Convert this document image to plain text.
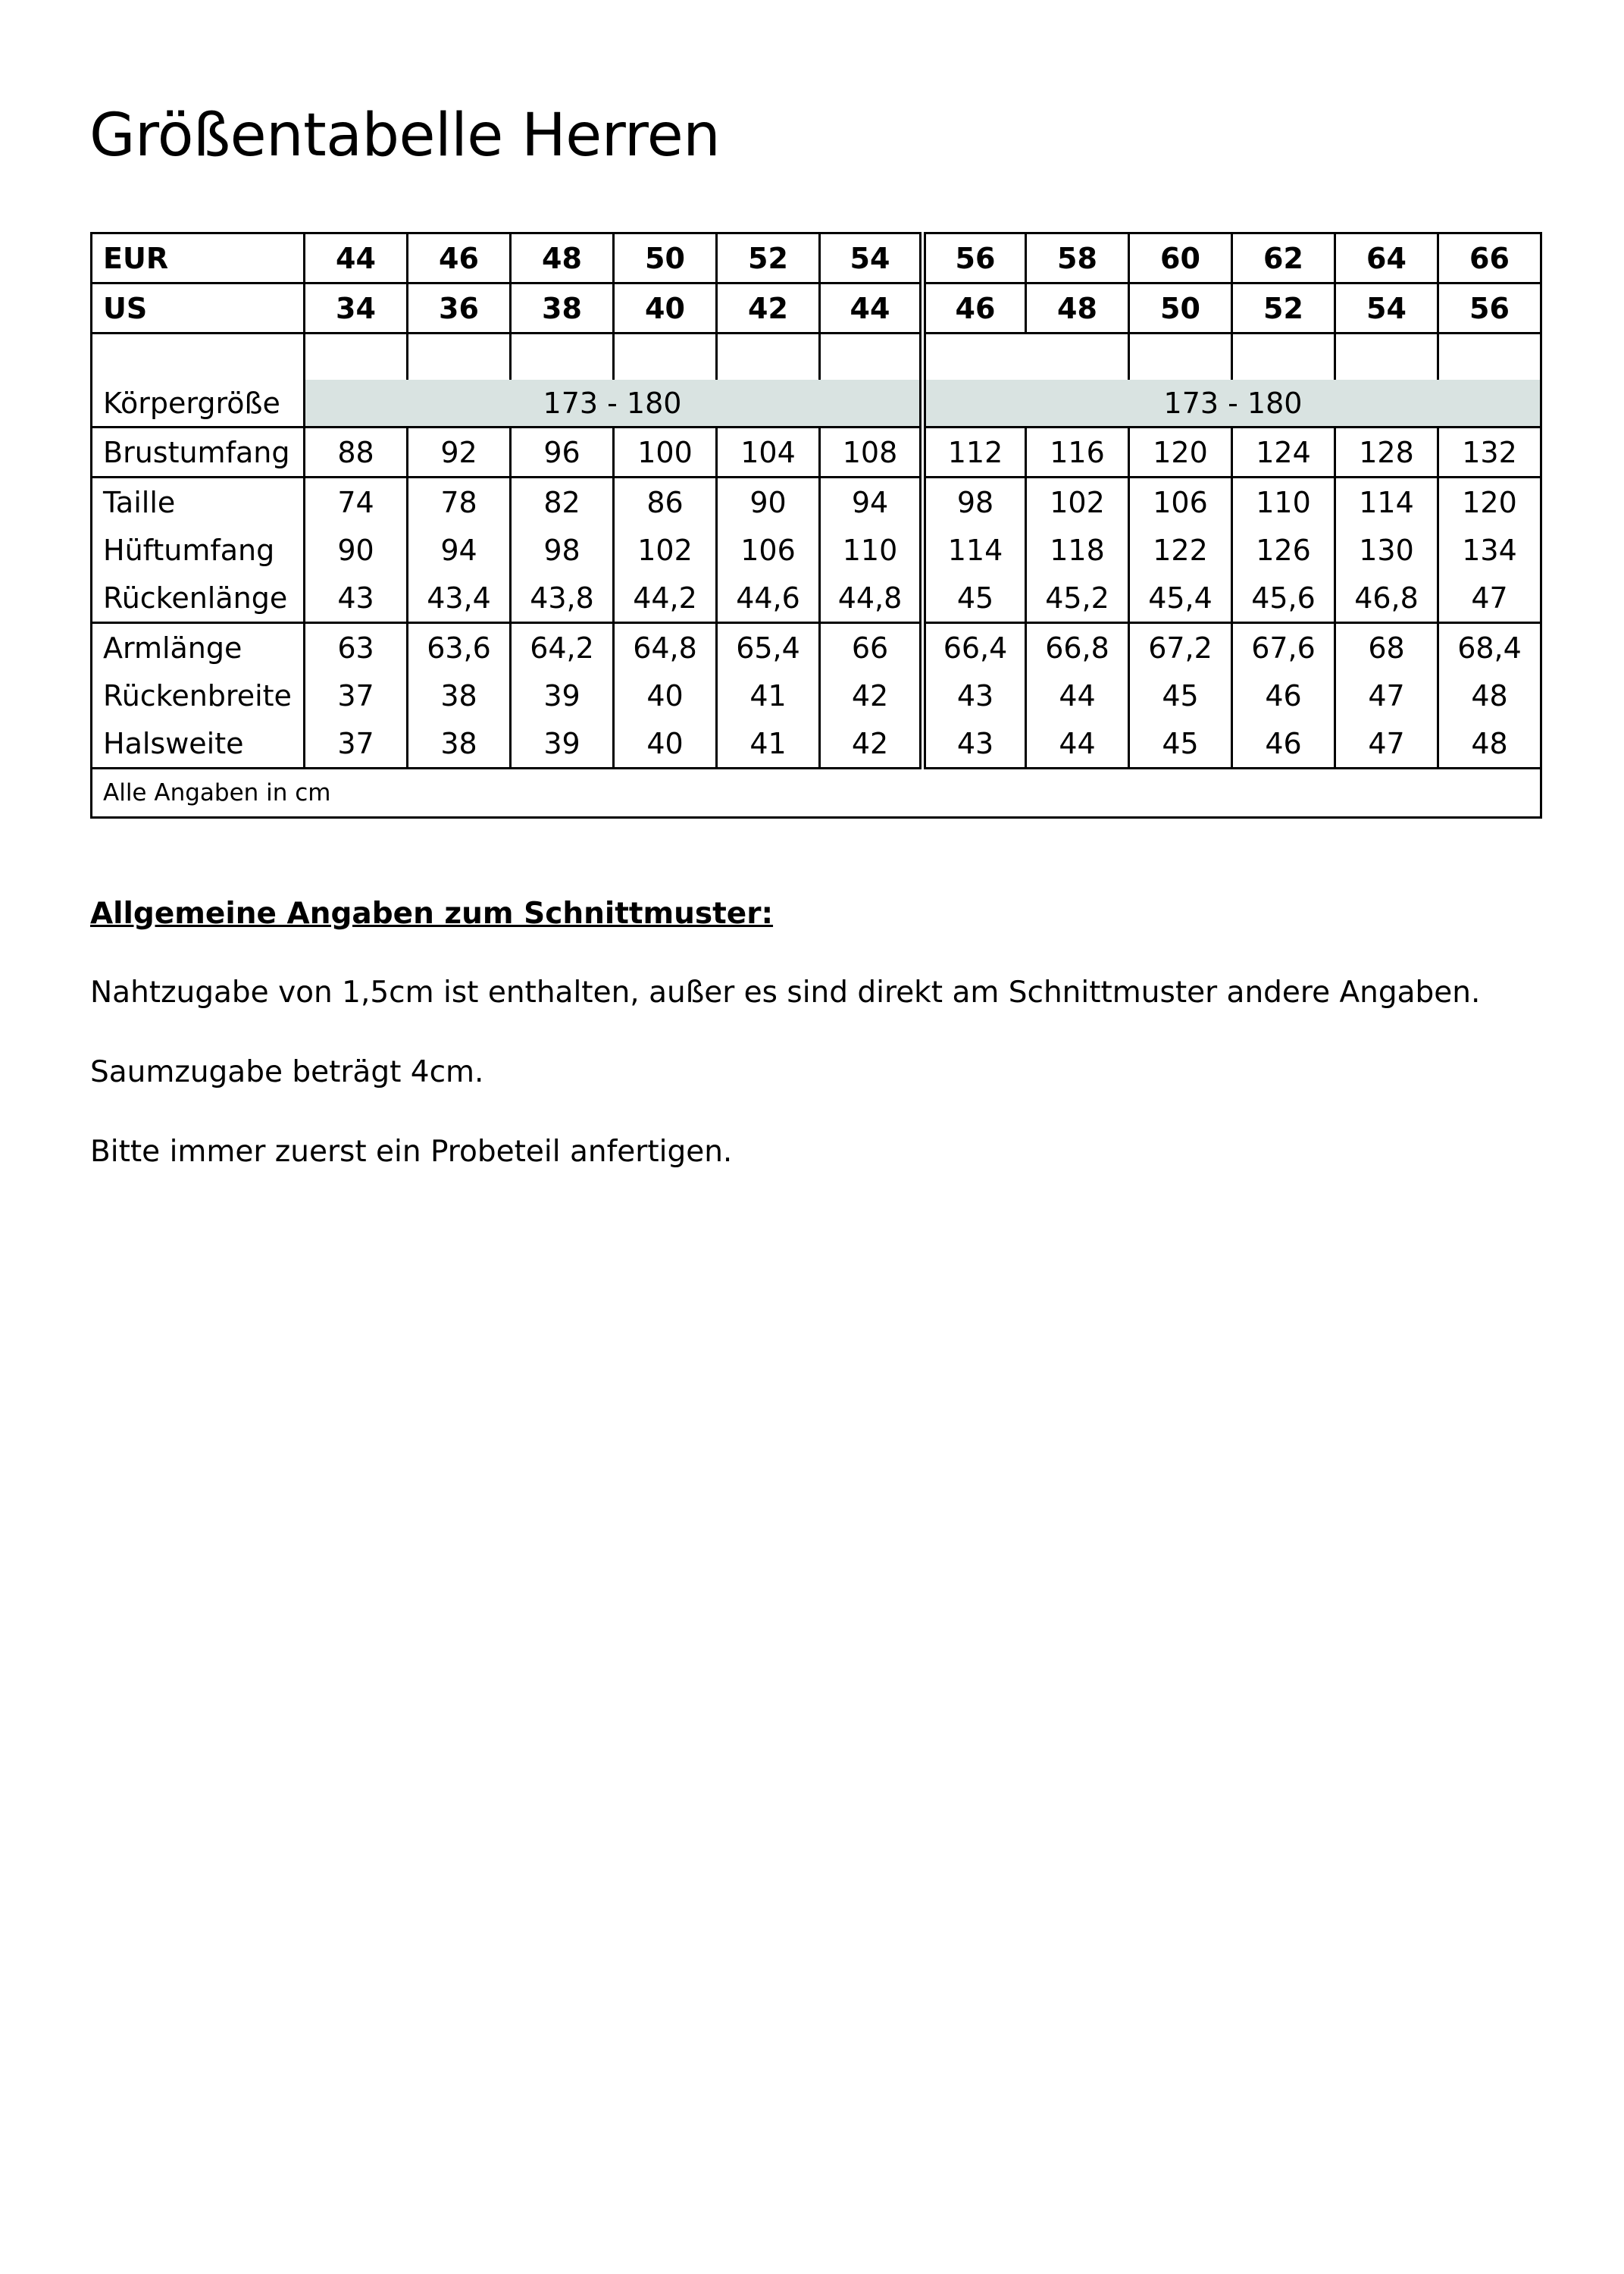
Größentabelle Herren
EUR	44	46	48	50	52	54	56	58	60	62	64	66
US	34	36	38	40	42	44	46	48	50	52	54	56

Körpergröße	173 - 180						173 - 180					
Brustumfang	88	92	96	100	104	108	112	116	120	124	128	132
Taille	74	78	82	86	90	94	98	102	106	110	114	120
Hüftumfang	90	94	98	102	106	110	114	118	122	126	130	134
Rückenlänge	43	43,4	43,8	44,2	44,6	44,8	45	45,2	45,4	45,6	46,8	47
Armlänge	63	63,6	64,2	64,8	65,4	66	66,4	66,8	67,2	67,6	68	68,4
Rückenbreite	37	38	39	40	41	42	43	44	45	46	47	48
Halsweite	37	38	39	40	41	42	43	44	45	46	47	48
Alle Angaben in cm												
Allgemeine Angaben zum Schnittmuster:
Nahtzugabe von 1,5cm ist enthalten, außer es sind direkt am Schnittmuster andere Angaben.
Saumzugabe beträgt 4cm.
Bitte immer zuerst ein Probeteil anfertigen.
